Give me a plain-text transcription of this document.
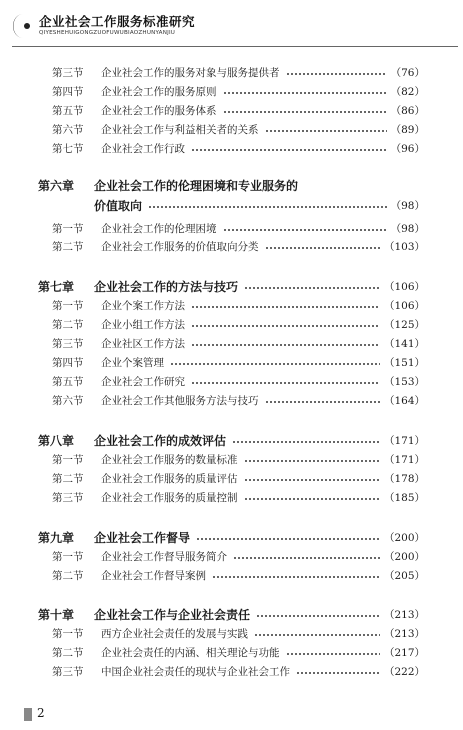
企业社会工作服务标准研究
QIYESHEHUIGONGZUOFUWUBIAOZHUNYANJIU
第三节 企业社会工作的服务对象与服务提供者	（76）
第四节 企业社会工作的服务原则	（82）
第五节 企业社会工作的服务体系	（86）
第六节 企业社会工作与利益相关者的关系	（89）
第七节 企业社会工作行政	（96）
第六章 企业社会工作的伦理困境和专业服务的
价值取向	（98）
第一节 企业社会工作的伦理困境	（98）
第二节 企业社会工作服务的价值取向分类	（103）
第七章 企业社会工作的方法与技巧	（106）
第一节 企业个案工作方法	（106）
第二节 企业小组工作方法	（125）
第三节 企业社区工作方法	（141）
第四节 企业个案管理	（151）
第五节 企业社会工作研究	（153）
第六节 企业社会工作其他服务方法与技巧	（164）
第八章 企业社会工作的成效评估	（171）
第一节 企业社会工作服务的数量标准	（171）
第二节 企业社会工作服务的质量评估	（178）
第三节 企业社会工作服务的质量控制	（185）
第九章 企业社会工作督导	（200）
第一节 企业社会工作督导服务简介	（200）
第二节 企业社会工作督导案例	（205）
第十章 企业社会工作与企业社会责任	（213）
第一节 西方企业社会责任的发展与实践	（213）
第二节 企业社会责任的内涵、相关理论与功能	（217）
第三节 中国企业社会责任的现状与企业社会工作	（222）
2
